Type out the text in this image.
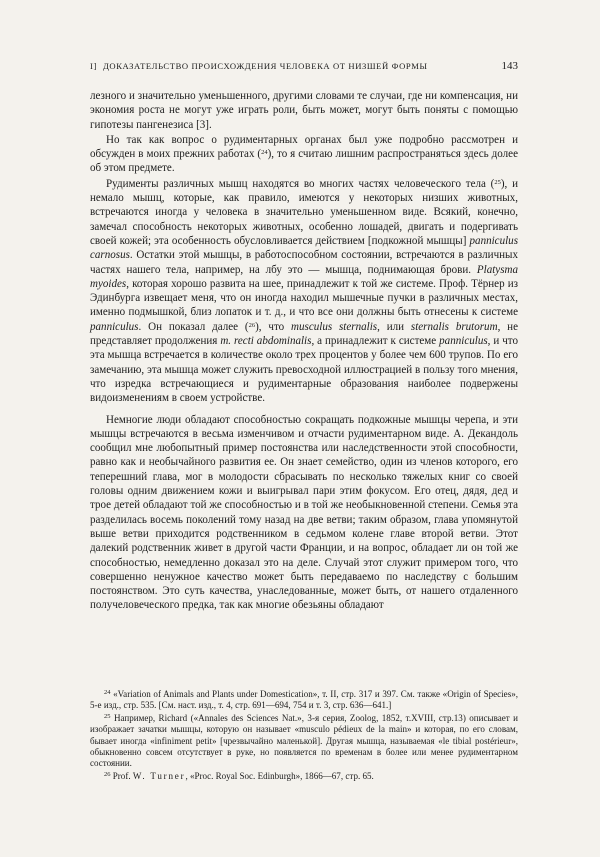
I] ДОКАЗАТЕЛЬСТВО ПРОИСХОЖДЕНИЯ ЧЕЛОВЕКА ОТ НИЗШЕЙ ФОРМЫ	143

лезного и значительно уменьшенного, другими словами те случаи, где ни компенсация, ни экономия роста не могут уже играть роли, быть может, могут быть поняты с помощью гипотезы пангенезиса [3].

Но так как вопрос о рудиментарных органах был уже подробно рассмотрен и обсужден в моих прежних работах ($^{24}$), то я считаю лишним распространяться здесь долее об этом предмете.

Рудименты различных мышц находятся во многих частях человеческого тела ($^{25}$), и немало мышц, которые, как правило, имеются у некоторых низших животных, встречаются иногда у человека в значительно уменьшенном виде. Всякий, конечно, замечал способность некоторых животных, особенно лошадей, двигать и подергивать своей кожей; эта особенность обусловливается действием [подкожной мышцы] panniculus carnosus. Остатки этой мышцы, в работоспособном состоянии, встречаются в различных частях нашего тела, например, на лбу это — мышца, поднимающая брови. Platysma myoides, которая хорошо развита на шее, принадлежит к той же системе. Проф. Тёрнер из Эдинбурга извещает меня, что он иногда находил мышечные пучки в различных местах, именно подмышкой, близ лопаток и т. д., и что все они должны быть отнесены к системе panniculus. Он показал далее ($^{26}$), что musculus sternalis, или sternalis brutorum, не представляет продолжения m. recti abdominalis, а принадлежит к системе panniculus, и что эта мышца встречается в количестве около трех процентов у более чем 600 трупов. По его замечанию, эта мышца может служить превосходной иллюстрацией в пользу того мнения, что изредка встречающиеся и рудиментарные образования наиболее подвержены видоизменениям в своем устройстве.

Немногие люди обладают способностью сокращать подкожные мышцы черепа, и эти мышцы встречаются в весьма изменчивом и отчасти рудиментарном виде. А. Декандоль сообщил мне любопытный пример постоянства или наследственности этой способности, равно как и необычайного развития ее. Он знает семейство, один из членов которого, его теперешний глава, мог в молодости сбрасывать по несколько тяжелых книг со своей головы одним движением кожи и выигрывал пари этим фокусом. Его отец, дядя, дед и трое детей обладают той же способностью и в той же необыкновенной степени. Семья эта разделилась восемь поколений тому назад на две ветви; таким образом, глава упомянутой выше ветви приходится родственником в седьмом колене главе второй ветви. Этот далекий родственник живет в другой части Франции, и на вопрос, обладает ли он той же способностью, немедленно доказал это на деле. Случай этот служит примером того, что совершенно ненужное качество может быть передаваемо по наследству с большим постоянством. Это суть качества, унаследованные, может быть, от нашего отдаленного получеловеческого предка, так как многие обезьяны обладают

$^{24}$ «Variation of Animals and Plants under Domestication», т. II, стр. 317 и 397. См. также «Origin of Species», 5-е изд., стр. 535. [См. наст. изд., т. 4, стр. 691—694, 754 и т. 3, стр. 636—641.]

$^{25}$ Например, Richard («Annales des Sciences Nat.», 3-я серия, Zoolog, 1852, т.XVIII, стр.13) описывает и изображает зачатки мышцы, которую он называет «musculo pédieux de la main» и которая, по его словам, бывает иногда «infiniment petit» [чрезвычайно маленькой]. Другая мышца, называемая «le tibial postérieur», обыкновенно совсем отсутствует в руке, но появляется по временам в более или менее рудиментарном состоянии.

$^{26}$ Prof. W. Turner, «Proc. Royal Soc. Edinburgh», 1866—67, стр. 65.
